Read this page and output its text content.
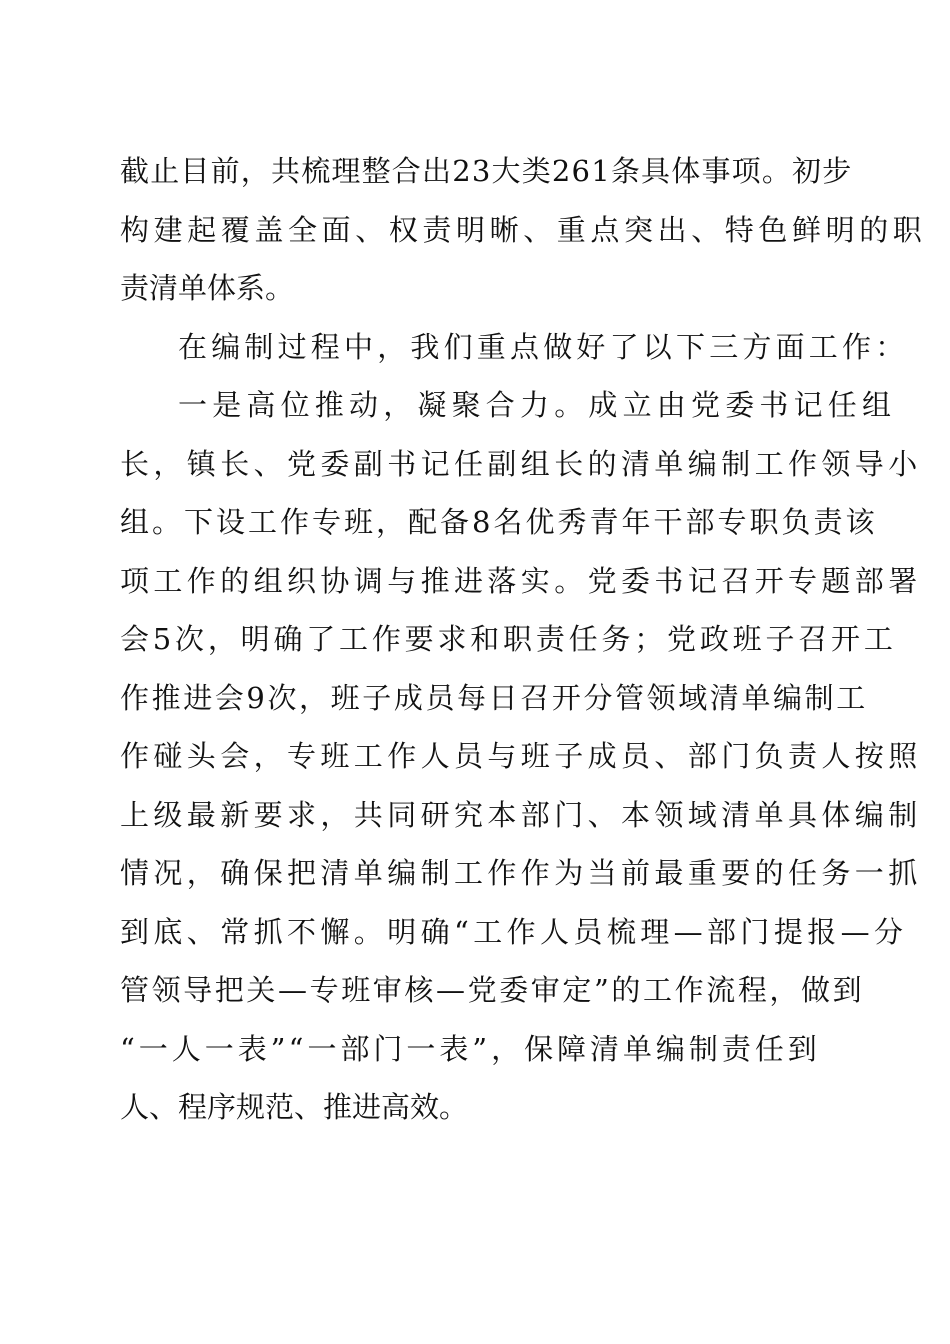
截止目前，共梳理整合出23大类261条具体事项。初步
构建起覆盖全面、权责明晰、重点突出、特色鲜明的职
责清单体系。
在编制过程中，我们重点做好了以下三方面工作：
一是高位推动，凝聚合力。成立由党委书记任组
长，镇长、党委副书记任副组长的清单编制工作领导小
组。下设工作专班，配备8名优秀青年干部专职负责该
项工作的组织协调与推进落实。党委书记召开专题部署
会5次，明确了工作要求和职责任务；党政班子召开工
作推进会9次，班子成员每日召开分管领域清单编制工
作碰头会，专班工作人员与班子成员、部门负责人按照
上级最新要求，共同研究本部门、本领域清单具体编制
情况，确保把清单编制工作作为当前最重要的任务一抓
到底、常抓不懈。明确“工作人员梳理—部门提报—分
管领导把关—专班审核—党委审定”的工作流程，做到
“一人一表”“一部门一表”，保障清单编制责任到
人、程序规范、推进高效。
